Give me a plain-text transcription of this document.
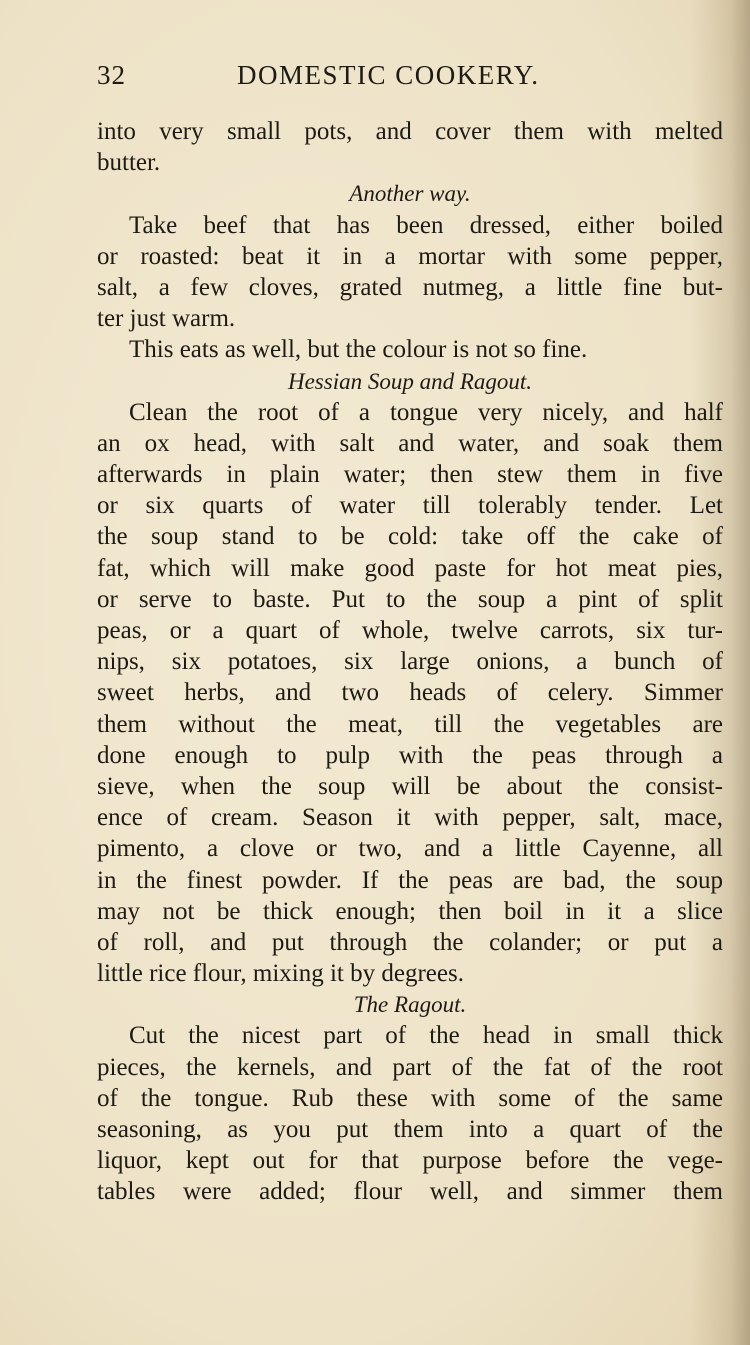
32	DOMESTIC COOKERY.
into very small pots, and cover them with melted
butter.
Another way.
Take beef that has been dressed, either boiled
or roasted: beat it in a mortar with some pepper,
salt, a few cloves, grated nutmeg, a little fine but-
ter just warm.
This eats as well, but the colour is not so fine.
Hessian Soup and Ragout.
Clean the root of a tongue very nicely, and half
an ox head, with salt and water, and soak them
afterwards in plain water; then stew them in five
or six quarts of water till tolerably tender. Let
the soup stand to be cold: take off the cake of
fat, which will make good paste for hot meat pies,
or serve to baste. Put to the soup a pint of split
peas, or a quart of whole, twelve carrots, six tur-
nips, six potatoes, six large onions, a bunch of
sweet herbs, and two heads of celery. Simmer
them without the meat, till the vegetables are
done enough to pulp with the peas through a
sieve, when the soup will be about the consist-
ence of cream. Season it with pepper, salt, mace,
pimento, a clove or two, and a little Cayenne, all
in the finest powder. If the peas are bad, the soup
may not be thick enough; then boil in it a slice
of roll, and put through the colander; or put a
little rice flour, mixing it by degrees.
The Ragout.
Cut the nicest part of the head in small thick
pieces, the kernels, and part of the fat of the root
of the tongue. Rub these with some of the same
seasoning, as you put them into a quart of the
liquor, kept out for that purpose before the vege-
tables were added; flour well, and simmer them
